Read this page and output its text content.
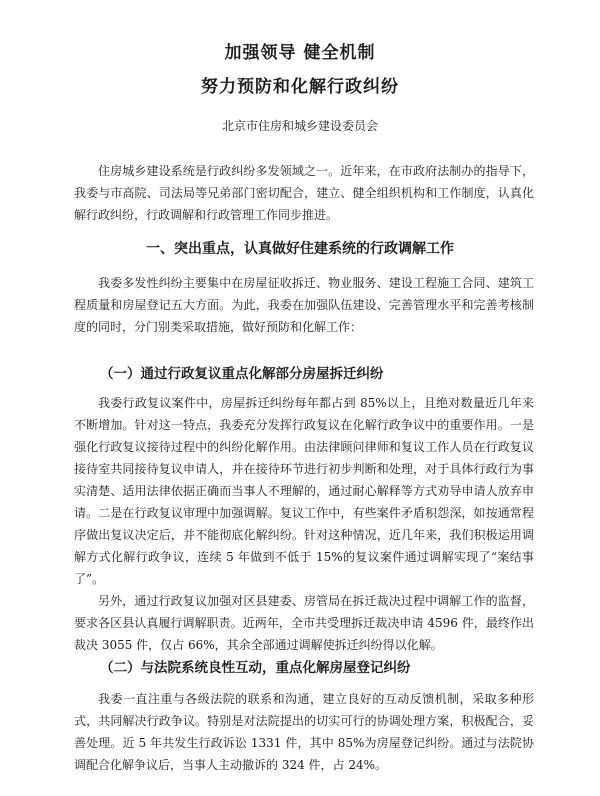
加强领导 健全机制
努力预防和化解行政纠纷
北京市住房和城乡建设委员会

住房城乡建设系统是行政纠纷多发领域之一。近年来，在市政府法制办的指导下，我委与市高院、司法局等兄弟部门密切配合，建立、健全组织机构和工作制度，认真化解行政纠纷，行政调解和行政管理工作同步推进。

一、突出重点，认真做好住建系统的行政调解工作

我委多发性纠纷主要集中在房屋征收拆迁、物业服务、建设工程施工合同、建筑工程质量和房屋登记五大方面。为此，我委在加强队伍建设、完善管理水平和完善考核制度的同时，分门别类采取措施，做好预防和化解工作：

（一）通过行政复议重点化解部分房屋拆迁纠纷

我委行政复议案件中，房屋拆迁纠纷每年都占到 85%以上，且绝对数量近几年来不断增加。针对这一特点，我委充分发挥行政复议在化解行政争议中的重要作用。一是强化行政复议接待过程中的纠纷化解作用。由法律顾问律师和复议工作人员在行政复议接待室共同接待复议申请人，并在接待环节进行初步判断和处理，对于具体行政行为事实清楚、适用法律依据正确而当事人不理解的，通过耐心解释等方式劝导申请人放弃申请。二是在行政复议审理中加强调解。复议工作中，有些案件矛盾积怨深，如按通常程序做出复议决定后，并不能彻底化解纠纷。针对这种情况，近几年来，我们积极运用调解方式化解行政争议，连续 5 年做到不低于 15%的复议案件通过调解实现了“案结事了”。

另外，通过行政复议加强对区县建委、房管局在拆迁裁决过程中调解工作的监督，要求各区县认真履行调解职责。近两年，全市共受理拆迁裁决申请 4596 件，最终作出裁决 3055 件，仅占 66%，其余全部通过调解使拆迁纠纷得以化解。

（二）与法院系统良性互动，重点化解房屋登记纠纷

我委一直注重与各级法院的联系和沟通，建立良好的互动反馈机制，采取多种形式，共同解决行政争议。特别是对法院提出的切实可行的协调处理方案，积极配合，妥善处理。近 5 年共发生行政诉讼 1331 件，其中 85%为房屋登记纠纷。通过与法院协调配合化解争议后，当事人主动撤诉的 324 件，占 24%。
